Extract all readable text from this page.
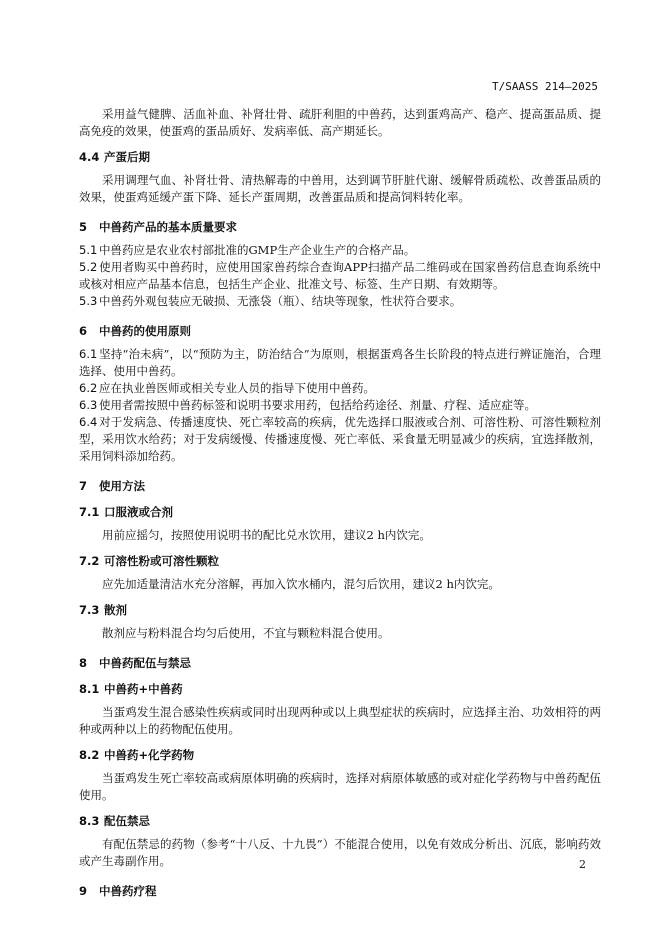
T/SAASS 214—2025

采用益气健脾、活血补血、补肾壮骨、疏肝利胆的中兽药，达到蛋鸡高产、稳产、提高蛋品质、提高免疫的效果，使蛋鸡的蛋品质好、发病率低、高产期延长。

4.4 产蛋后期

采用调理气血、补肾壮骨、清热解毒的中兽用，达到调节肝脏代谢、缓解骨质疏松、改善蛋品质的效果，使蛋鸡延缓产蛋下降、延长产蛋周期，改善蛋品质和提高饲料转化率。

5 中兽药产品的基本质量要求

5.1 中兽药应是农业农村部批准的GMP生产企业生产的合格产品。

5.2 使用者购买中兽药时，应使用国家兽药综合查询APP扫描产品二维码或在国家兽药信息查询系统中或核对相应产品基本信息，包括生产企业、批准文号、标签、生产日期、有效期等。

5.3 中兽药外观包装应无破损、无涨袋（瓶）、结块等现象，性状符合要求。

6 中兽药的使用原则

6.1 坚持“治未病”，以“预防为主，防治结合”为原则，根据蛋鸡各生长阶段的特点进行辨证施治，合理选择、使用中兽药。

6.2 应在执业兽医师或相关专业人员的指导下使用中兽药。

6.3 使用者需按照中兽药标签和说明书要求用药，包括给药途径、剂量、疗程、适应症等。

6.4 对于发病急、传播速度快、死亡率较高的疾病，优先选择口服液或合剂、可溶性粉、可溶性颗粒剂型，采用饮水给药；对于发病缓慢、传播速度慢、死亡率低、采食量无明显减少的疾病，宜选择散剂，采用饲料添加给药。

7 使用方法
7.1 口服液或合剂

用前应摇匀，按照使用说明书的配比兑水饮用，建议2 h内饮完。

7.2 可溶性粉或可溶性颗粒

应先加适量清洁水充分溶解，再加入饮水桶内，混匀后饮用，建议2 h内饮完。

7.3 散剂

散剂应与粉料混合均匀后使用，不宜与颗粒料混合使用。

8 中兽药配伍与禁忌
8.1 中兽药+中兽药

当蛋鸡发生混合感染性疾病或同时出现两种或以上典型症状的疾病时，应选择主治、功效相符的两种或两种以上的药物配伍使用。

8.2 中兽药+化学药物

当蛋鸡发生死亡率较高或病原体明确的疾病时，选择对病原体敏感的或对症化学药物与中兽药配伍使用。

8.3 配伍禁忌

有配伍禁忌的药物（参考“十八反、十九畏”）不能混合使用，以免有效成分析出、沉底，影响药效或产生毒副作用。

9 中兽药疗程
2
